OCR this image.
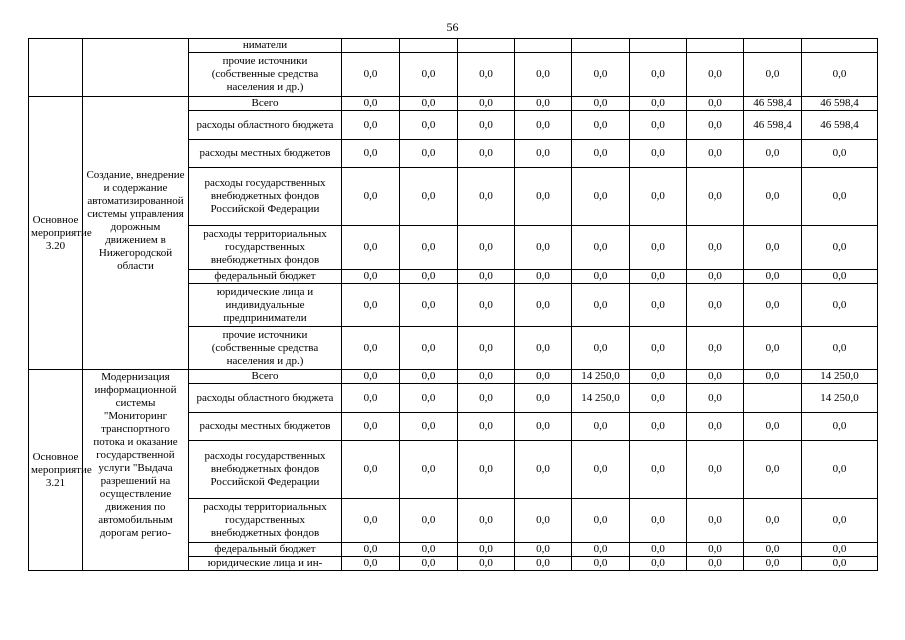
56
		ниматели									
		прочие источники (собственные средства населения и др.)	0,0	0,0	0,0	0,0	0,0	0,0	0,0	0,0	0,0
Основное мероприятие 3.20	Создание, внедрение и содержание автоматизированной системы управления дорожным движением в Нижегородской области	Всего	0,0	0,0	0,0	0,0	0,0	0,0	0,0	46 598,4	46 598,4
		расходы областного бюджета	0,0	0,0	0,0	0,0	0,0	0,0	0,0	46 598,4	46 598,4
		расходы местных бюджетов	0,0	0,0	0,0	0,0	0,0	0,0	0,0	0,0	0,0
		расходы государственных внебюджетных фондов Российской Федерации	0,0	0,0	0,0	0,0	0,0	0,0	0,0	0,0	0,0
		расходы территориальных государственных внебюджетных фондов	0,0	0,0	0,0	0,0	0,0	0,0	0,0	0,0	0,0
		федеральный бюджет	0,0	0,0	0,0	0,0	0,0	0,0	0,0	0,0	0,0
		юридические лица и индивидуальные предприниматели	0,0	0,0	0,0	0,0	0,0	0,0	0,0	0,0	0,0
		прочие источники (собственные средства населения и др.)	0,0	0,0	0,0	0,0	0,0	0,0	0,0	0,0	0,0
Основное мероприятие 3.21	Модернизация информационной системы "Мониторинг транспортного потока и оказание государственной услуги "Выдача разрешений на осуществление движения по автомобильным дорогам регио-	Всего	0,0	0,0	0,0	0,0	14 250,0	0,0	0,0	0,0	14 250,0
		расходы областного бюджета	0,0	0,0	0,0	0,0	14 250,0	0,0	0,0		14 250,0
		расходы местных бюджетов	0,0	0,0	0,0	0,0	0,0	0,0	0,0	0,0	0,0
		расходы государственных внебюджетных фондов Российской Федерации	0,0	0,0	0,0	0,0	0,0	0,0	0,0	0,0	0,0
		расходы территориальных государственных внебюджетных фондов	0,0	0,0	0,0	0,0	0,0	0,0	0,0	0,0	0,0
		федеральный бюджет	0,0	0,0	0,0	0,0	0,0	0,0	0,0	0,0	0,0
		юридические лица и ин-	0,0	0,0	0,0	0,0	0,0	0,0	0,0	0,0	0,0
